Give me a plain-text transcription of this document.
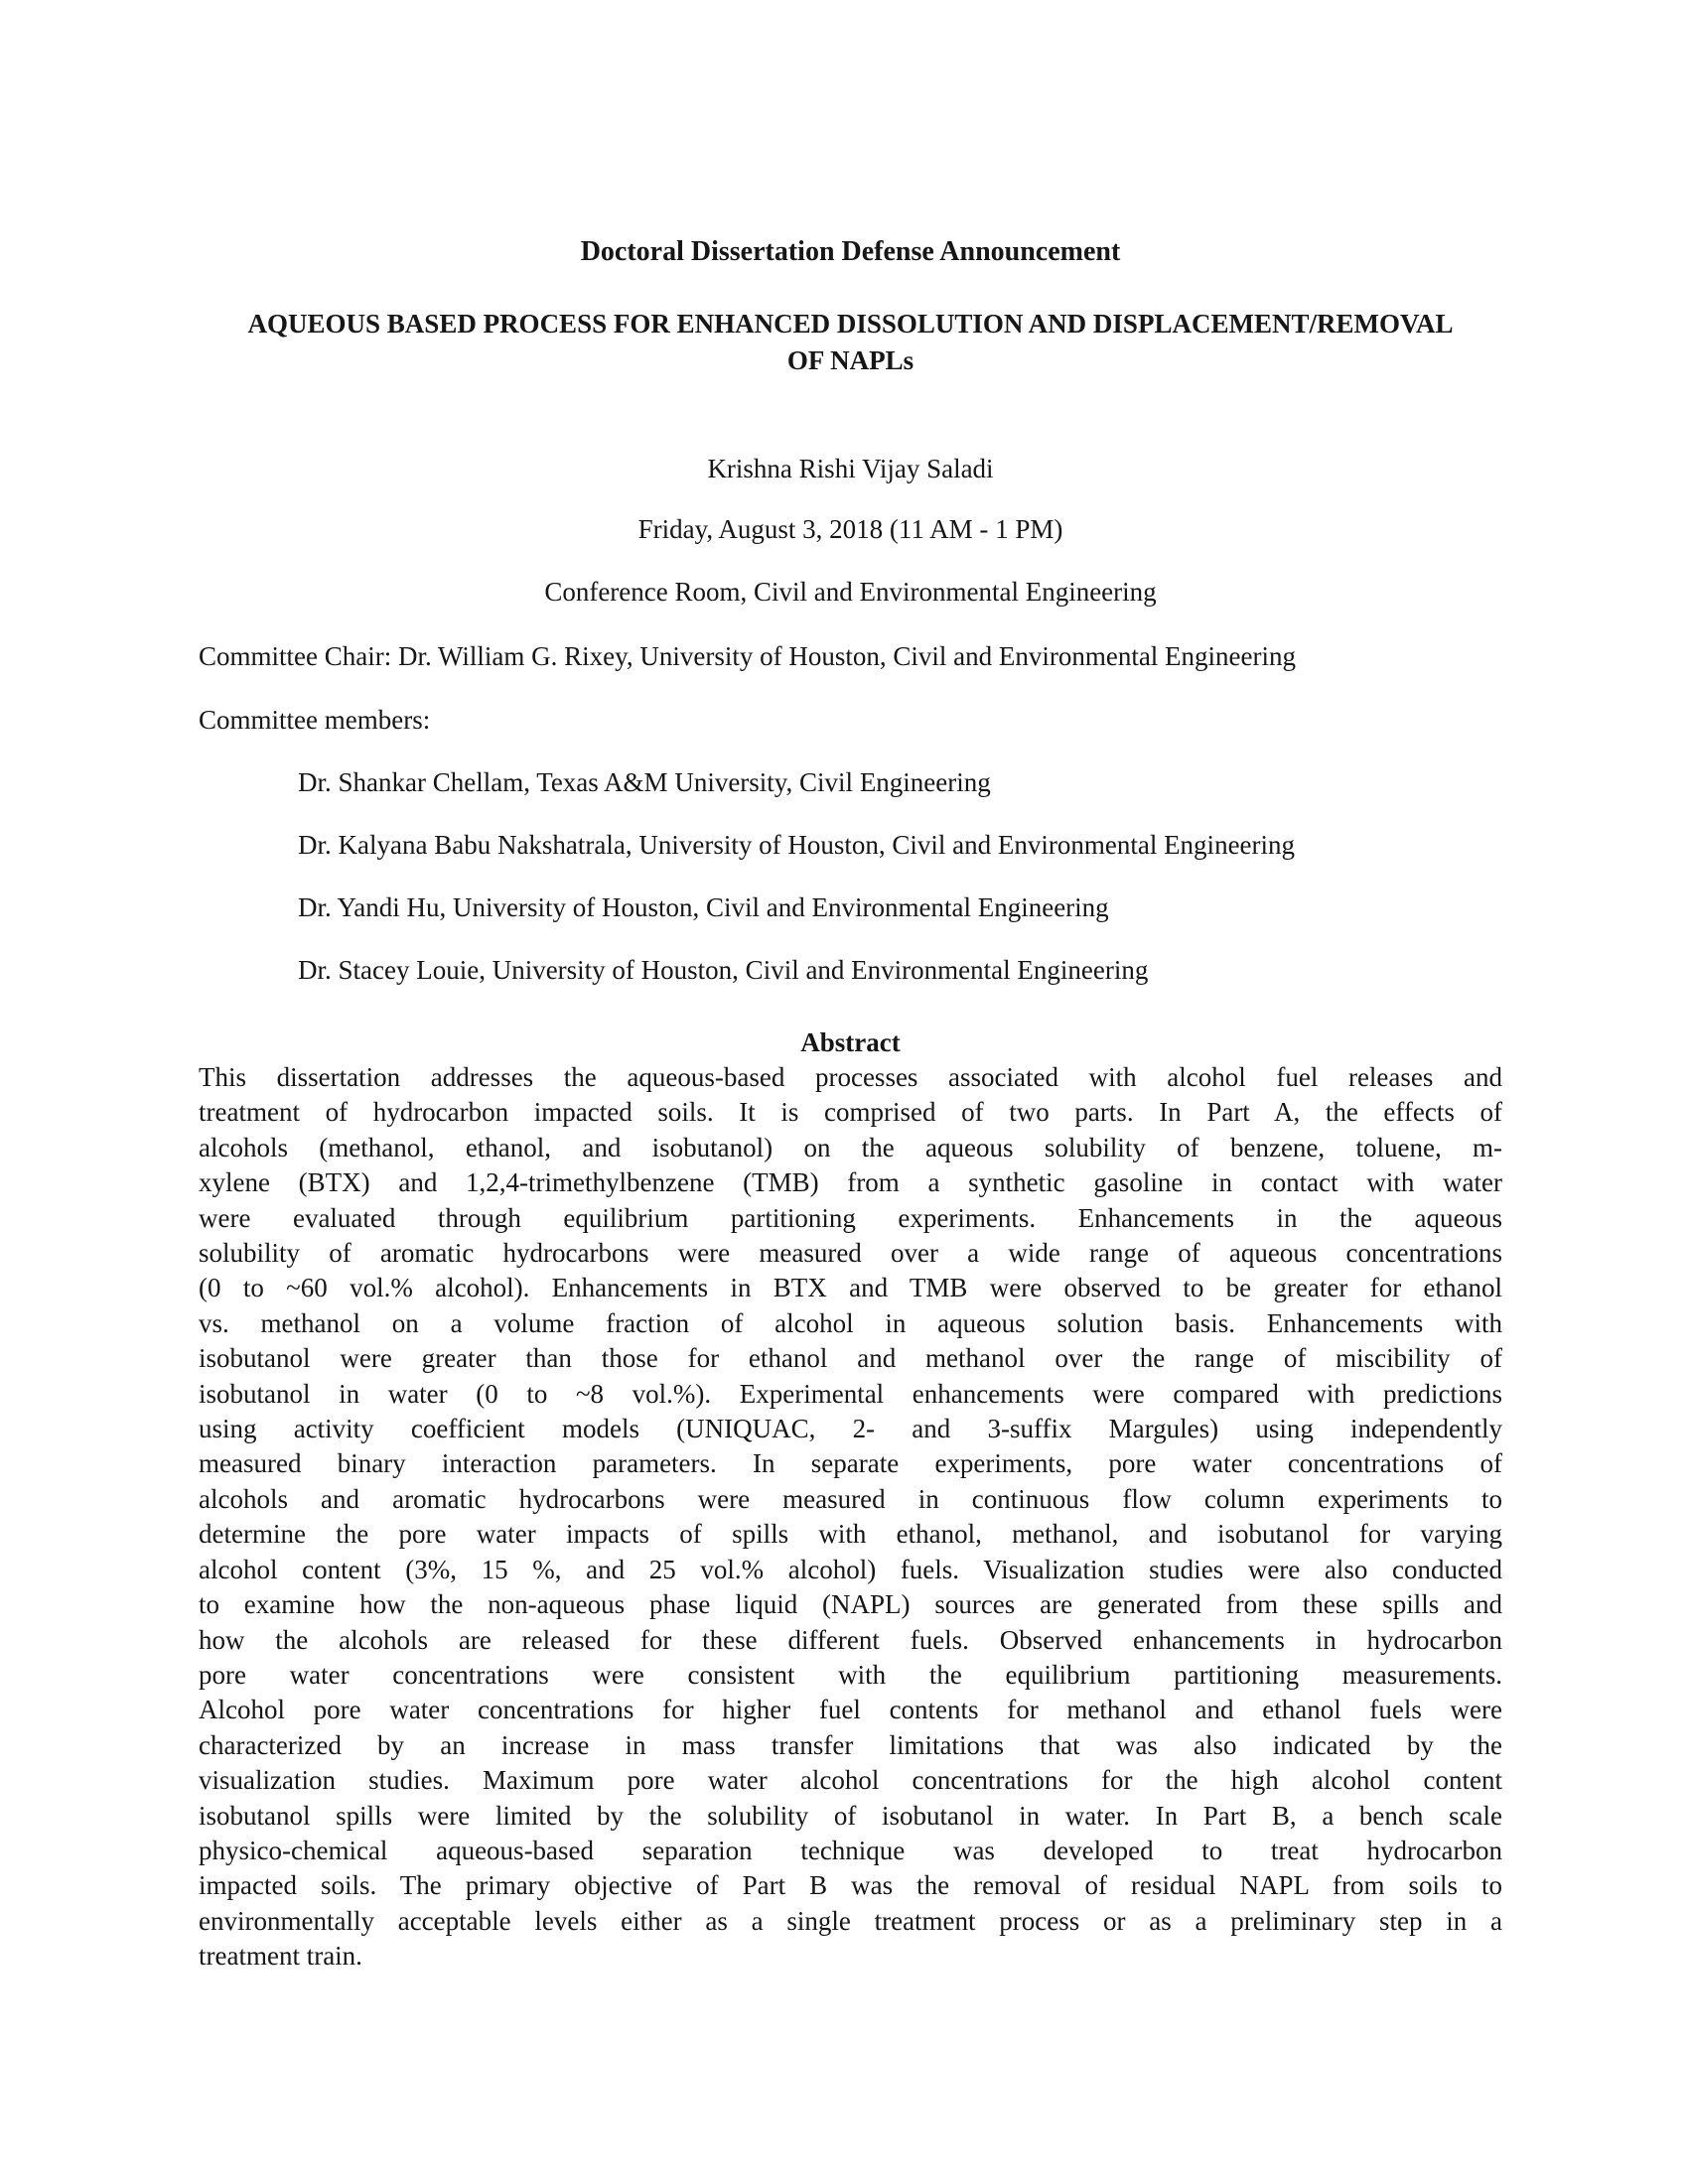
Doctoral Dissertation Defense Announcement
AQUEOUS BASED PROCESS FOR ENHANCED DISSOLUTION AND DISPLACEMENT/REMOVAL
OF NAPLs
Krishna Rishi Vijay Saladi
Friday, August 3, 2018 (11 AM - 1 PM)
Conference Room, Civil and Environmental Engineering
Committee Chair: Dr. William G. Rixey, University of Houston, Civil and Environmental Engineering
Committee members:
Dr. Shankar Chellam, Texas A&M University, Civil Engineering
Dr. Kalyana Babu Nakshatrala, University of Houston, Civil and Environmental Engineering
Dr. Yandi Hu, University of Houston, Civil and Environmental Engineering
Dr. Stacey Louie, University of Houston, Civil and Environmental Engineering
Abstract
This dissertation addresses the aqueous-based processes associated with alcohol fuel releases and
treatment of hydrocarbon impacted soils. It is comprised of two parts. In Part A, the effects of
alcohols (methanol, ethanol, and isobutanol) on the aqueous solubility of benzene, toluene, m-
xylene (BTX) and 1,2,4-trimethylbenzene (TMB) from a synthetic gasoline in contact with water
were evaluated through equilibrium partitioning experiments. Enhancements in the aqueous
solubility of aromatic hydrocarbons were measured over a wide range of aqueous concentrations
(0 to ~60 vol.% alcohol). Enhancements in BTX and TMB were observed to be greater for ethanol
vs. methanol on a volume fraction of alcohol in aqueous solution basis. Enhancements with
isobutanol were greater than those for ethanol and methanol over the range of miscibility of
isobutanol in water (0 to ~8 vol.%). Experimental enhancements were compared with predictions
using activity coefficient models (UNIQUAC, 2- and 3-suffix Margules) using independently
measured binary interaction parameters. In separate experiments, pore water concentrations of
alcohols and aromatic hydrocarbons were measured in continuous flow column experiments to
determine the pore water impacts of spills with ethanol, methanol, and isobutanol for varying
alcohol content (3%, 15 %, and 25 vol.% alcohol) fuels. Visualization studies were also conducted
to examine how the non-aqueous phase liquid (NAPL) sources are generated from these spills and
how the alcohols are released for these different fuels. Observed enhancements in hydrocarbon
pore water concentrations were consistent with the equilibrium partitioning measurements.
Alcohol pore water concentrations for higher fuel contents for methanol and ethanol fuels were
characterized by an increase in mass transfer limitations that was also indicated by the
visualization studies. Maximum pore water alcohol concentrations for the high alcohol content
isobutanol spills were limited by the solubility of isobutanol in water. In Part B, a bench scale
physico-chemical aqueous-based separation technique was developed to treat hydrocarbon
impacted soils. The primary objective of Part B was the removal of residual NAPL from soils to
environmentally acceptable levels either as a single treatment process or as a preliminary step in a
treatment train.
